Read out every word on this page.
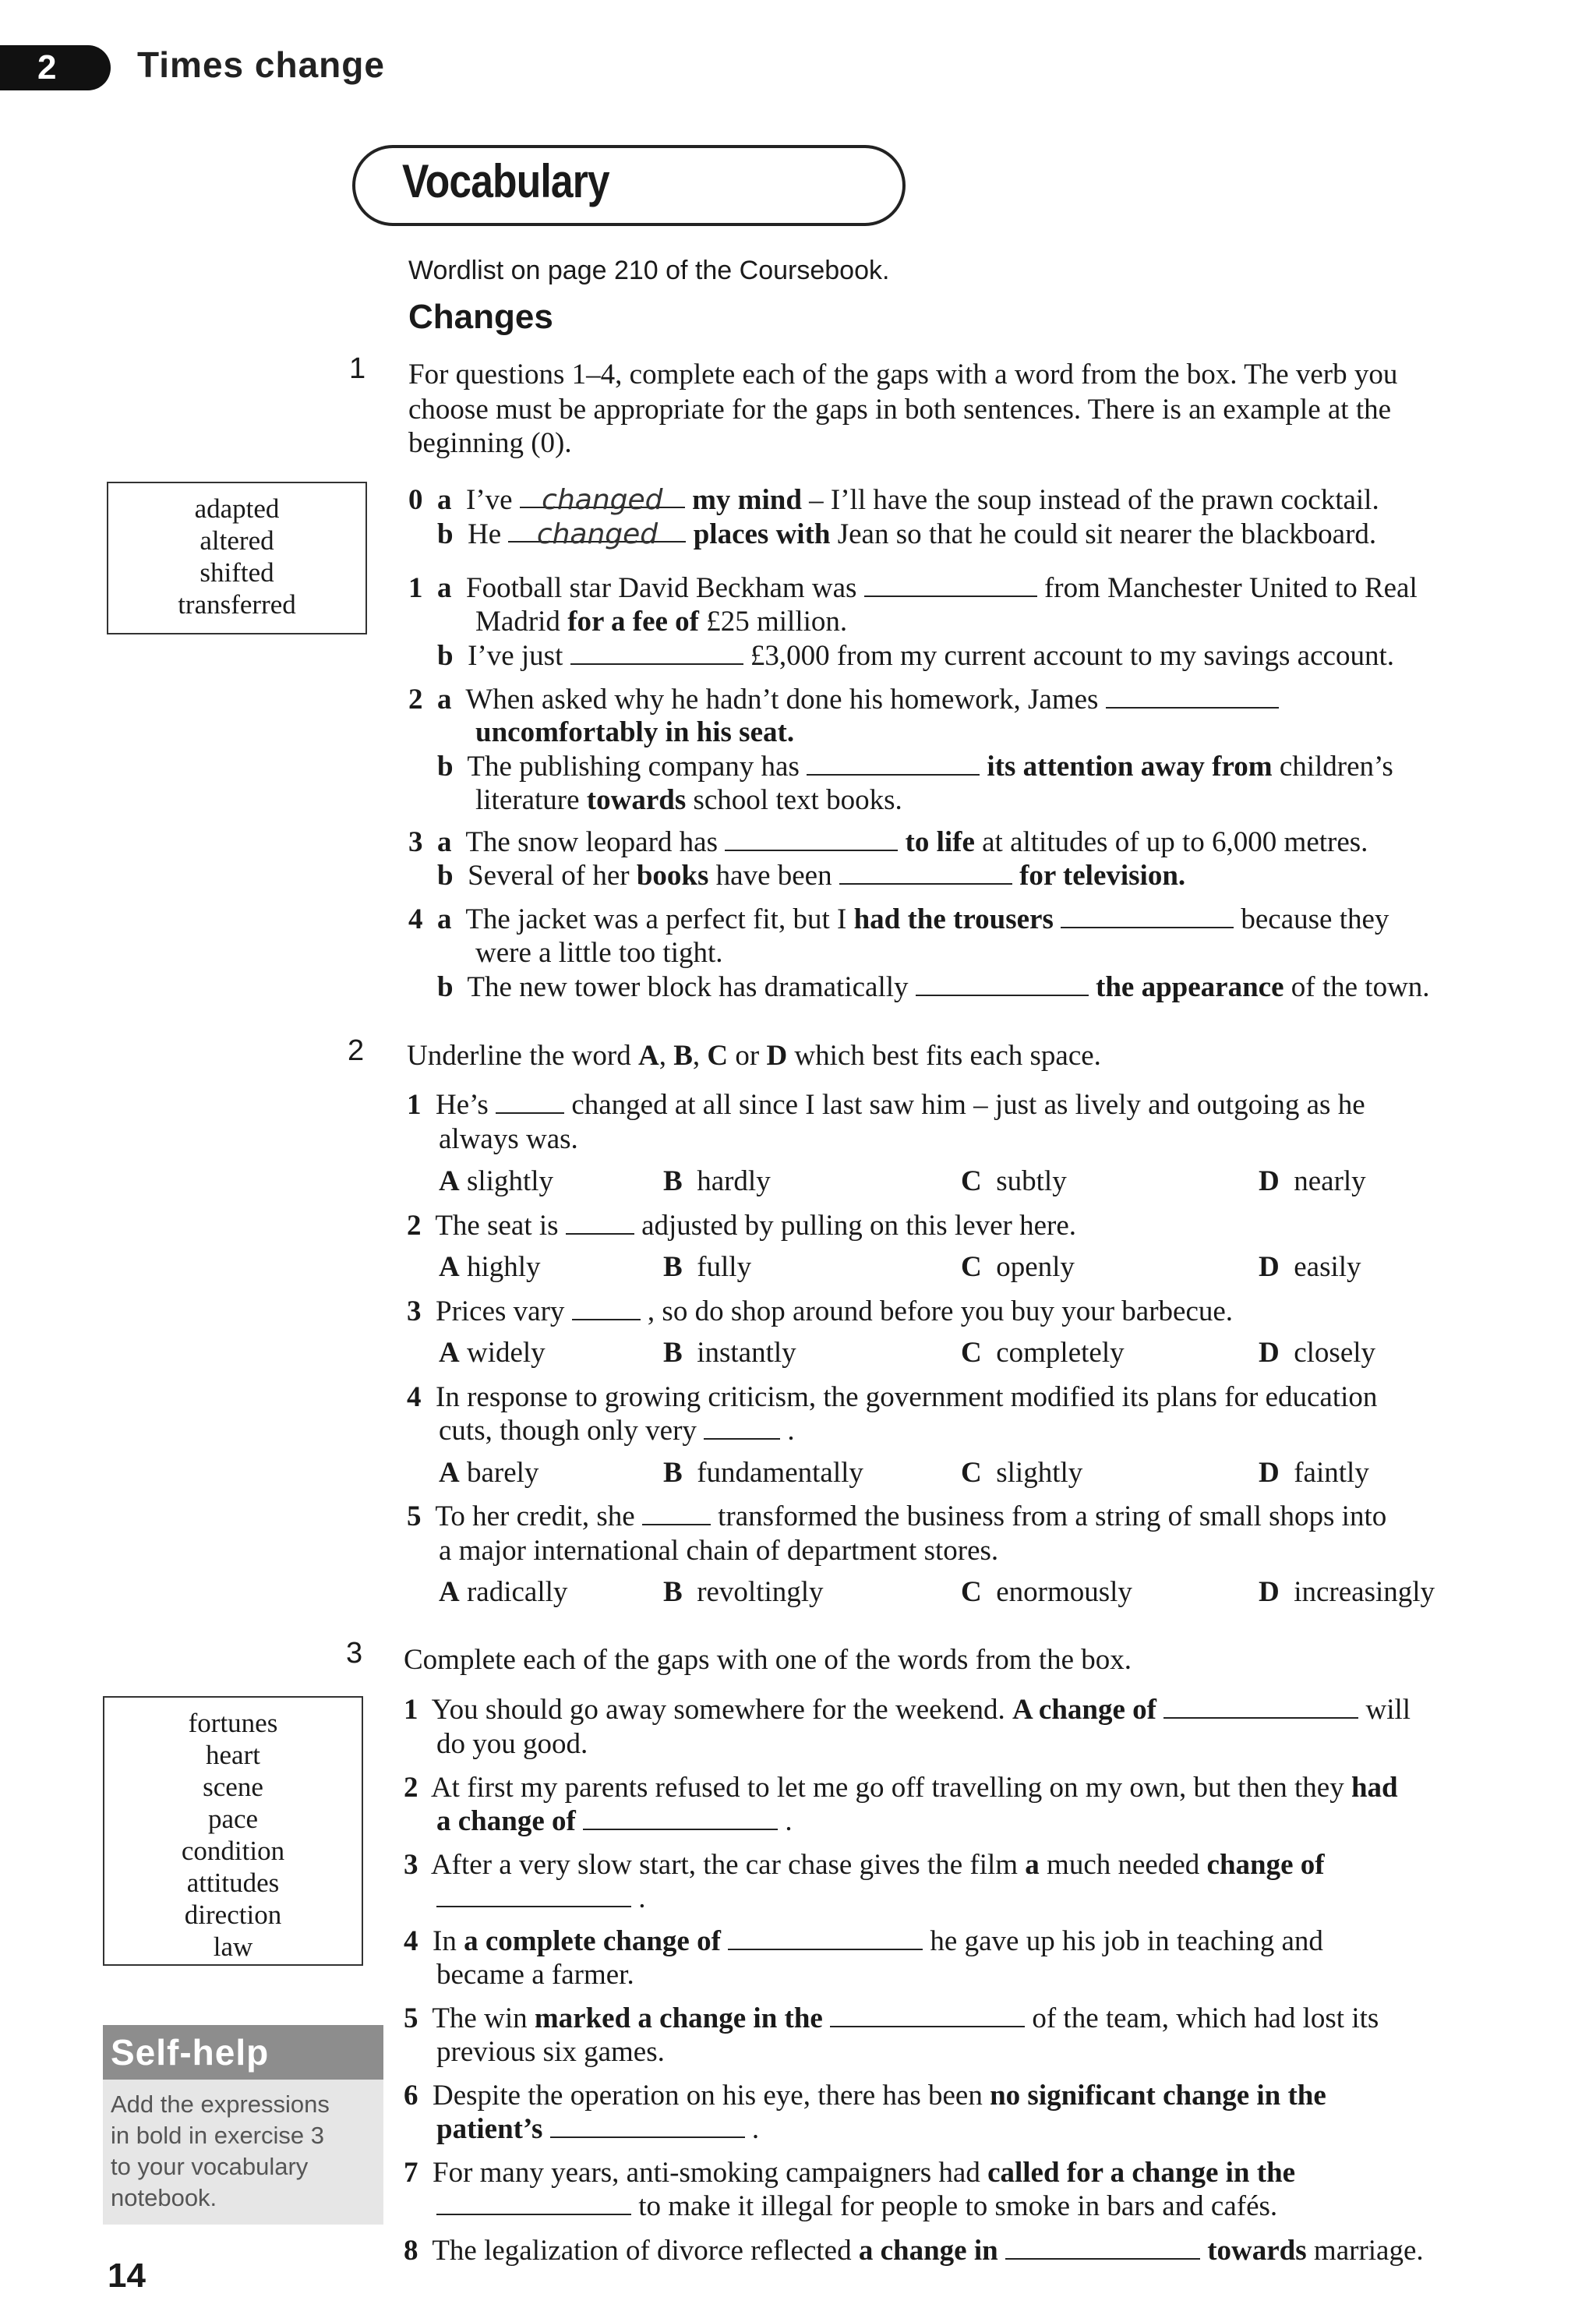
2	Times change
Vocabulary
Wordlist on page 210 of the Coursebook.
Changes
1 For questions 1–4, complete each of the gaps with a word from the box. The verb you
choose must be appropriate for the gaps in both sentences. There is an example at the
beginning (0).
adapted
altered
shifted
transferred
0  a  I’ve changed my mind – I’ll have the soup instead of the prawn cocktail.
b  He changed places with Jean so that he could sit nearer the blackboard.
1  a  Football star David Beckham was	from Manchester United to Real
Madrid for a fee of £25 million.
b  I’ve just	£3,000 from my current account to my savings account.
2  a  When asked why he hadn’t done his homework, James
uncomfortably in his seat.
b  The publishing company has	its attention away from children’s
literature towards school text books.
3  a  The snow leopard has	to life at altitudes of up to 6,000 metres.
b  Several of her books have been	for television.
4  a  The jacket was a perfect fit, but I had the trousers	because they
were a little too tight.
b  The new tower block has dramatically	the appearance of the town.
2 Underline the word A, B, C or D which best fits each space.
1  He’s  changed at all since I last saw him – just as lively and outgoing as he
always was.
A slightly	B hardly	C subtly	D nearly
2  The seat is  adjusted by pulling on this lever here.
A highly	B fully	C openly	D easily
3  Prices vary  , so do shop around before you buy your barbecue.
A widely	B instantly	C completely	D closely
4  In response to growing criticism, the government modified its plans for education
cuts, though only very	.
A barely	B fundamentally	C slightly	D faintly
5  To her credit, she  transformed the business from a string of small shops into
a major international chain of department stores.
A radically	B revoltingly	C enormously	D increasingly
3 Complete each of the gaps with one of the words from the box.
fortunes
heart
scene
pace
condition
attitudes
direction
law
1  You should go away somewhere for the weekend. A change of	will
do you good.
2  At first my parents refused to let me go off travelling on my own, but then they had
a change of	.
3  After a very slow start, the car chase gives the film a much needed change of
.
4  In a complete change of	he gave up his job in teaching and
became a farmer.
5  The win marked a change in the	of the team, which had lost its
previous six games.
6  Despite the operation on his eye, there has been no significant change in the
patient’s	.
7  For many years, anti-smoking campaigners had called for a change in the
to make it illegal for people to smoke in bars and cafés.
8  The legalization of divorce reflected a change in	towards marriage.
Self-help
Add the expressions
in bold in exercise 3
to your vocabulary
notebook.
14
